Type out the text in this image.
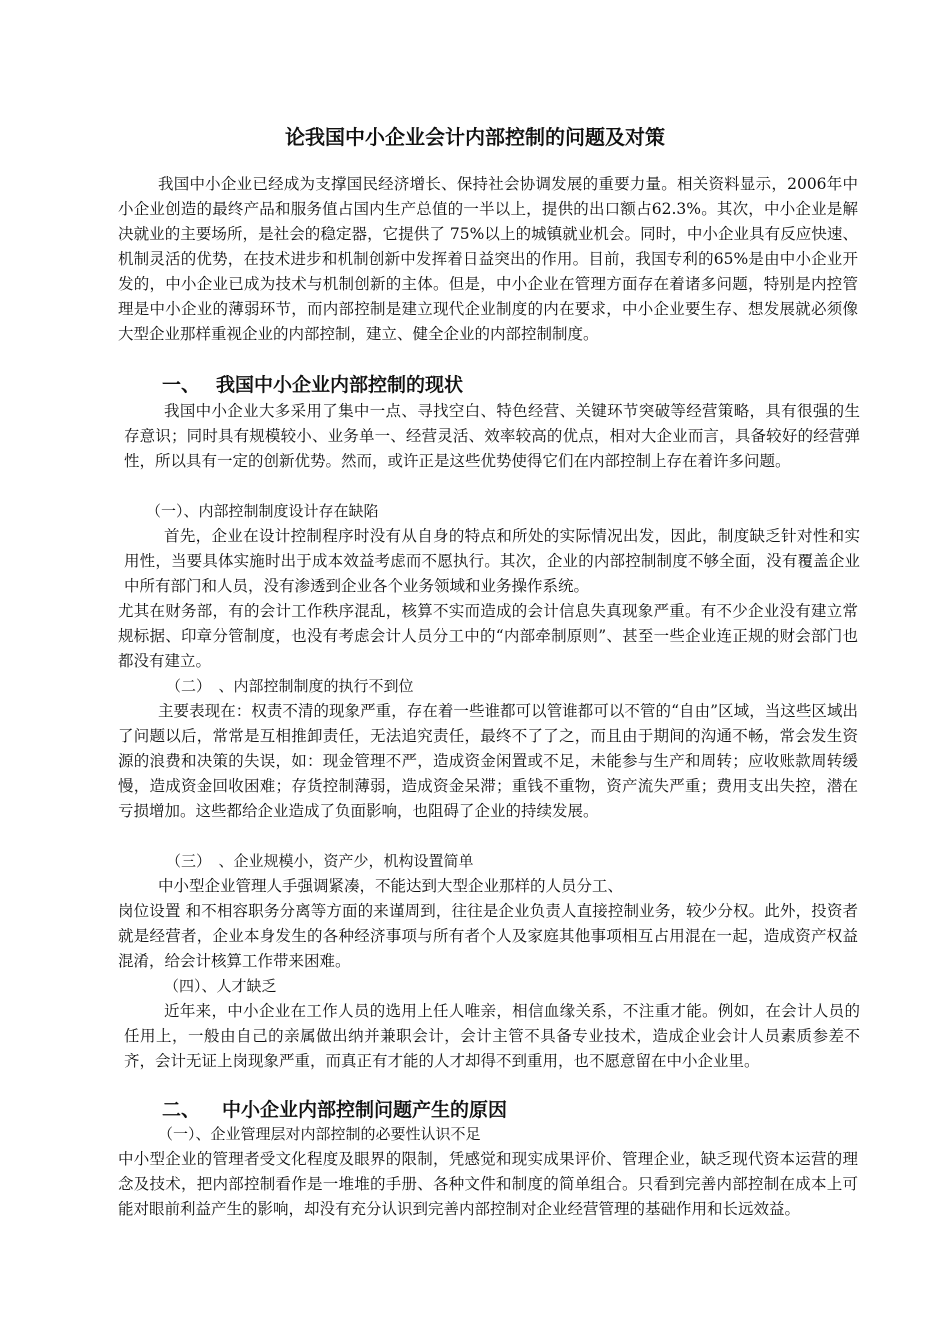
论我国中小企业会计内部控制的问题及对策

我国中小企业已经成为支撑国民经济增长、保持社会协调发展的重要力量。相关资料显示，2006年中小企业创造的最终产品和服务值占国内生产总值的一半以上，提供的出口额占62.3%。其次，中小企业是解决就业的主要场所，是社会的稳定器，它提供了 75%以上的城镇就业机会。同时，中小企业具有反应快速、机制灵活的优势，在技术进步和机制创新中发挥着日益突出的作用。目前，我国专利的65%是由中小企业开发的，中小企业已成为技术与机制创新的主体。但是，中小企业在管理方面存在着诸多问题，特别是内控管理是中小企业的薄弱环节，而内部控制是建立现代企业制度的内在要求，中小企业要生存、想发展就必须像大型企业那样重视企业的内部控制，建立、健全企业的内部控制制度。

一、 我国中小企业内部控制的现状

我国中小企业大多采用了集中一点、寻找空白、特色经营、关键环节突破等经营策略，具有很强的生存意识；同时具有规模较小、业务单一、经营灵活、效率较高的优点，相对大企业而言，具备较好的经营弹性，所以具有一定的创新优势。然而，或许正是这些优势使得它们在内部控制上存在着许多问题。

（一）、内部控制制度设计存在缺陷

首先，企业在设计控制程序时没有从自身的特点和所处的实际情况出发，因此，制度缺乏针对性和实用性，当要具体实施时出于成本效益考虑而不愿执行。其次，企业的内部控制制度不够全面，没有覆盖企业中所有部门和人员，没有渗透到企业各个业务领域和业务操作系统。

尤其在财务部，有的会计工作秩序混乱，核算不实而造成的会计信息失真现象严重。有不少企业没有建立常规标据、印章分管制度，也没有考虑会计人员分工中的“内部牵制原则”、甚至一些企业连正规的财会部门也都没有建立。

（二）　、内部控制制度的执行不到位

主要表现在：权责不清的现象严重，存在着一些谁都可以管谁都可以不管的“自由”区域，当这些区域出了问题以后，常常是互相推卸责任，无法追究责任，最终不了了之，而且由于期间的沟通不畅，常会发生资 源的浪费和决策的失误，如：现金管理不严，造成资金闲置或不足，未能参与生产和周转；应收账款周转缓慢，造成资金回收困难；存货控制薄弱，造成资金呆滞；重钱不重物，资产流失严重；费用支出失控，潜在亏损增加。这些都给企业造成了负面影响，也阻碍了企业的持续发展。

（三）　、企业规模小，资产少，机构设置简单

中小型企业管理人手强调紧凑，不能达到大型企业那样的人员分工、

岗位设置 和不相容职务分离等方面的来谨周到，往往是企业负责人直接控制业务，较少分权。此外，投资者就是经营者，企业本身发生的各种经济事项与所有者个人及家庭其他事项相互占用混在一起，造成资产权益混淆，给会计核算工作带来困难。

（四）、人才缺乏

近年来，中小企业在工作人员的选用上任人唯亲，相信血缘关系，不注重才能。例如，在会计人员的任用上，一般由自己的亲属做出纳并兼职会计，会计主管不具备专业技术，造成企业会计人员素质参差不齐，会计无证上岗现象严重，而真正有才能的人才却得不到重用，也不愿意留在中小企业里。

二、 中小企业内部控制问题产生的原因

（一）、企业管理层对内部控制的必要性认识不足

中小型企业的管理者受文化程度及眼界的限制，凭感觉和现实成果评价、管理企业，缺乏现代资本运营的理念及技术，把内部控制看作是一堆堆的手册、各种文件和制度的简单组合。只看到完善内部控制在成本上可能对眼前利益产生的影响，却没有充分认识到完善内部控制对企业经营管理的基础作用和长远效益。
